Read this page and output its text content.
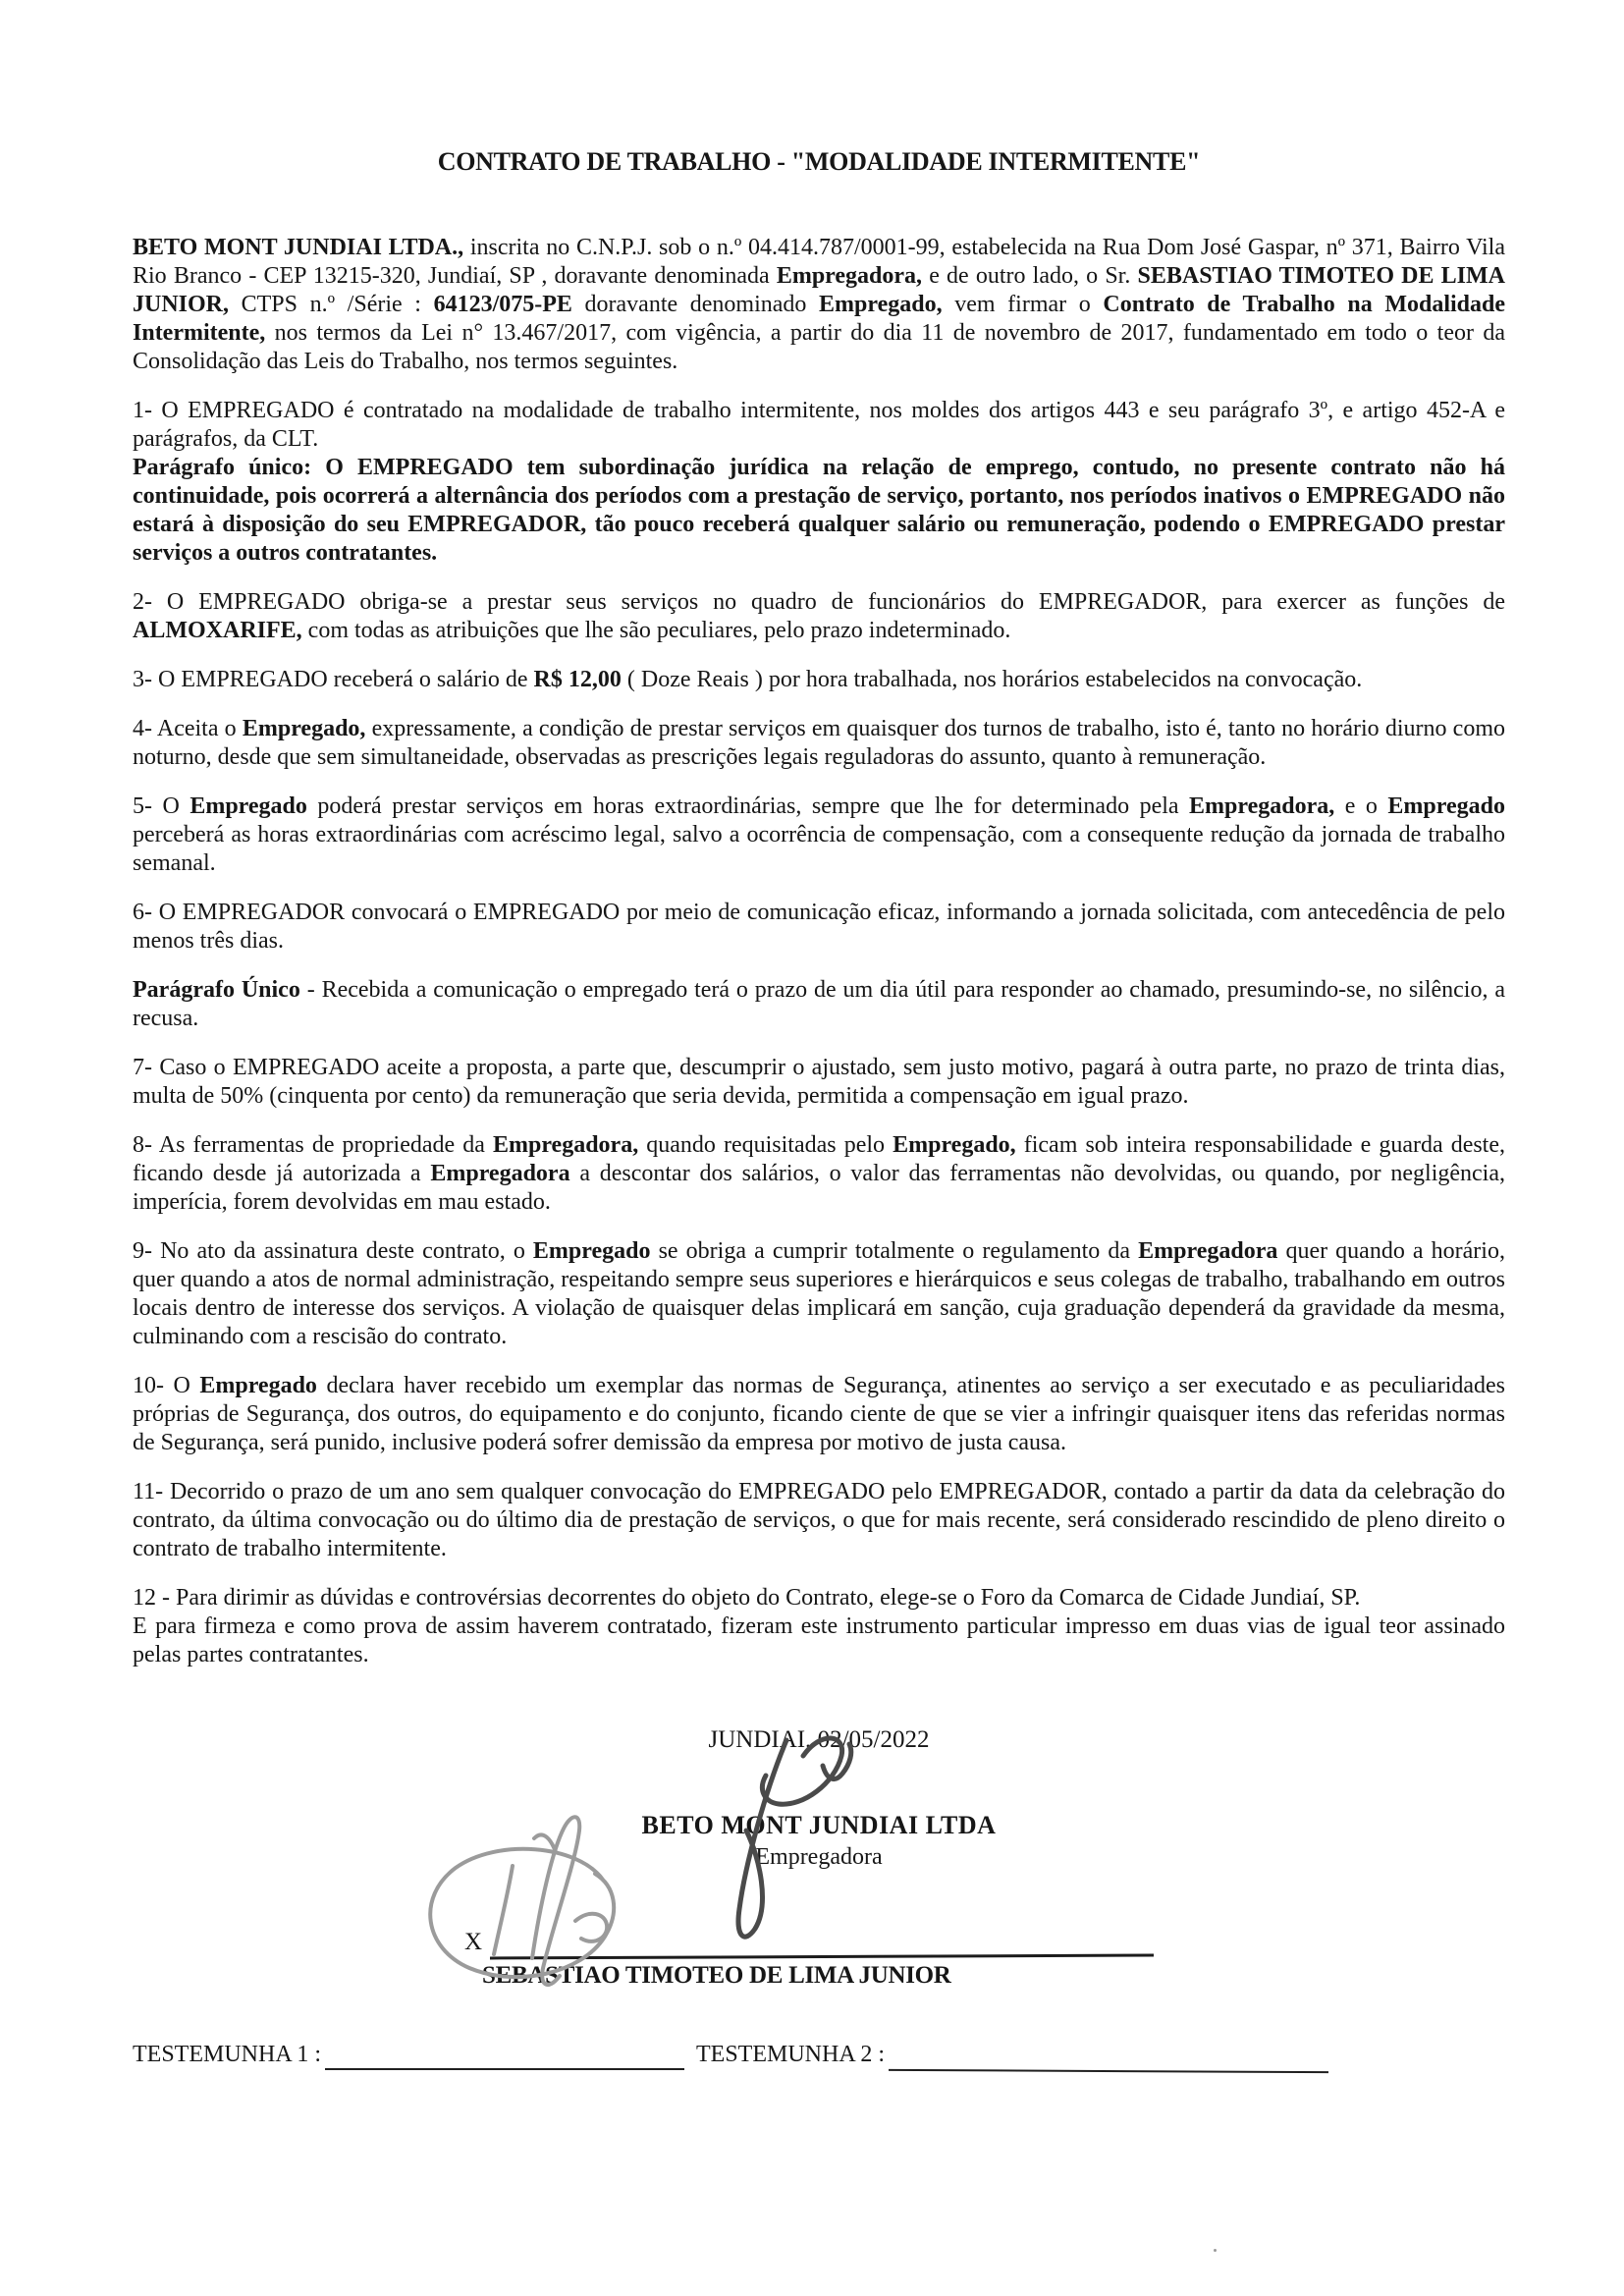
CONTRATO DE TRABALHO - "MODALIDADE INTERMITENTE"

BETO MONT JUNDIAI LTDA., inscrita no C.N.P.J. sob o n.º 04.414.787/0001-99, estabelecida na Rua Dom José Gaspar, nº 371, Bairro Vila Rio Branco - CEP 13215-320, Jundiaí, SP , doravante denominada Empregadora, e de outro lado, o Sr. SEBASTIAO TIMOTEO DE LIMA JUNIOR, CTPS n.º /Série : 64123/075-PE doravante denominado Empregado, vem firmar o Contrato de Trabalho na Modalidade Intermitente, nos termos da Lei n° 13.467/2017, com vigência, a partir do dia 11 de novembro de 2017, fundamentado em todo o teor da Consolidação das Leis do Trabalho, nos termos seguintes.

1- O EMPREGADO é contratado na modalidade de trabalho intermitente, nos moldes dos artigos 443 e seu parágrafo 3º, e artigo 452-A e parágrafos, da CLT.

Parágrafo único: O EMPREGADO tem subordinação jurídica na relação de emprego, contudo, no presente contrato não há continuidade, pois ocorrerá a alternância dos períodos com a prestação de serviço, portanto, nos períodos inativos o EMPREGADO não estará à disposição do seu EMPREGADOR, tão pouco receberá qualquer salário ou remuneração, podendo o EMPREGADO prestar serviços a outros contratantes.

2- O EMPREGADO obriga-se a prestar seus serviços no quadro de funcionários do EMPREGADOR, para exercer as funções de ALMOXARIFE, com todas as atribuições que lhe são peculiares, pelo prazo indeterminado.

3- O EMPREGADO receberá o salário de R$ 12,00 ( Doze Reais ) por hora trabalhada, nos horários estabelecidos na convocação.

4- Aceita o Empregado, expressamente, a condição de prestar serviços em quaisquer dos turnos de trabalho, isto é, tanto no horário diurno como noturno, desde que sem simultaneidade, observadas as prescrições legais reguladoras do assunto, quanto à remuneração.

5- O Empregado poderá prestar serviços em horas extraordinárias, sempre que lhe for determinado pela Empregadora, e o Empregado perceberá as horas extraordinárias com acréscimo legal, salvo a ocorrência de compensação, com a consequente redução da jornada de trabalho semanal.

6- O EMPREGADOR convocará o EMPREGADO por meio de comunicação eficaz, informando a jornada solicitada, com antecedência de pelo menos três dias.

Parágrafo Único - Recebida a comunicação o empregado terá o prazo de um dia útil para responder ao chamado, presumindo-se, no silêncio, a recusa.

7- Caso o EMPREGADO aceite a proposta, a parte que, descumprir o ajustado, sem justo motivo, pagará à outra parte, no prazo de trinta dias, multa de 50% (cinquenta por cento) da remuneração que seria devida, permitida a compensação em igual prazo.

8- As ferramentas de propriedade da Empregadora, quando requisitadas pelo Empregado, ficam sob inteira responsabilidade e guarda deste, ficando desde já autorizada a Empregadora a descontar dos salários, o valor das ferramentas não devolvidas, ou quando, por negligência, imperícia, forem devolvidas em mau estado.

9- No ato da assinatura deste contrato, o Empregado se obriga a cumprir totalmente o regulamento da Empregadora quer quando a horário, quer quando a atos de normal administração, respeitando sempre seus superiores e hierárquicos e seus colegas de trabalho, trabalhando em outros locais dentro de interesse dos serviços. A violação de quaisquer delas implicará em sanção, cuja graduação dependerá da gravidade da mesma, culminando com a rescisão do contrato.

10- O Empregado declara haver recebido um exemplar das normas de Segurança, atinentes ao serviço a ser executado e as peculiaridades próprias de Segurança, dos outros, do equipamento e do conjunto, ficando ciente de que se vier a infringir quaisquer itens das referidas normas de Segurança, será punido, inclusive poderá sofrer demissão da empresa por motivo de justa causa.

11- Decorrido o prazo de um ano sem qualquer convocação do EMPREGADO pelo EMPREGADOR, contado a partir da data da celebração do contrato, da última convocação ou do último dia de prestação de serviços, o que for mais recente, será considerado rescindido de pleno direito o contrato de trabalho intermitente.

12 - Para dirimir as dúvidas e controvérsias decorrentes do objeto do Contrato, elege-se o Foro da Comarca de Cidade Jundiaí, SP.

E para firmeza e como prova de assim haverem contratado, fizeram este instrumento particular impresso em duas vias de igual teor assinado pelas partes contratantes.

JUNDIAI, 02/05/2022
BETO MONT JUNDIAI LTDA
Empregadora
X
SEBASTIAO TIMOTEO DE LIMA JUNIOR
TESTEMUNHA 1 :	TESTEMUNHA 2 :
